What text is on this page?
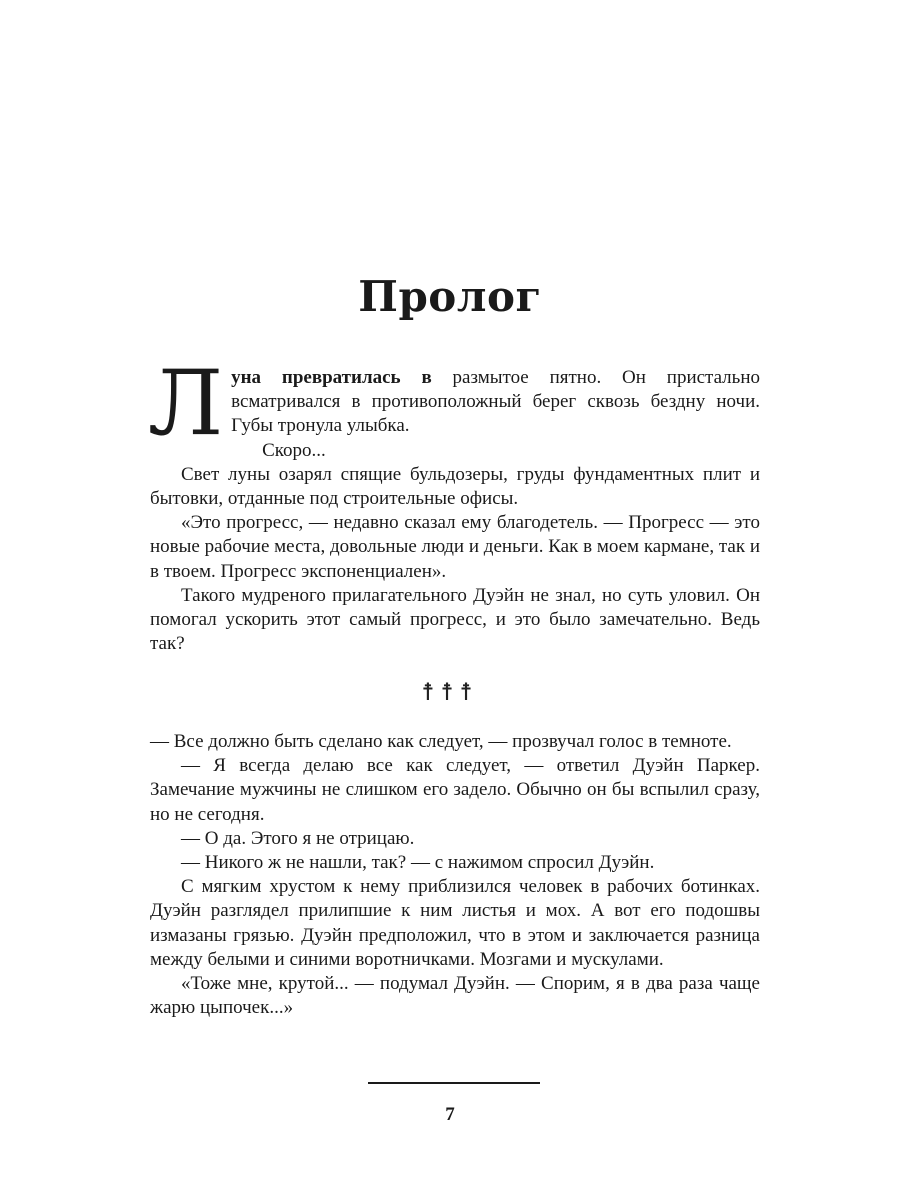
Пролог

Луна превратилась в размытое пятно. Он пристально всматривался в противоположный берег сквозь бездну ночи. Губы тронула улыбка.

Скоро...

Свет луны озарял спящие бульдозеры, груды фундаментных плит и бытовки, отданные под строительные офисы.

«Это прогресс, — недавно сказал ему благодетель. — Прогресс — это новые рабочие места, довольные люди и деньги. Как в моем кармане, так и в твоем. Прогресс экспоненциален».

Такого мудреного прилагательного Дуэйн не знал, но суть уловил. Он помогал ускорить этот самый прогресс, и это было замечательно. Ведь так?

☨☨☨

— Все должно быть сделано как следует, — прозвучал голос в темноте.

— Я всегда делаю все как следует, — ответил Дуэйн Паркер. Замечание мужчины не слишком его задело. Обычно он бы вспылил сразу, но не сегодня.

— О да. Этого я не отрицаю.

— Никого ж не нашли, так? — с нажимом спросил Дуэйн.

С мягким хрустом к нему приблизился человек в рабочих ботинках. Дуэйн разглядел прилипшие к ним листья и мох. А вот его подошвы измазаны грязью. Дуэйн предположил, что в этом и заключается разница между белыми и синими воротничками. Мозгами и мускулами.

«Тоже мне, крутой... — подумал Дуэйн. — Спорим, я в два раза чаще жарю цыпочек...»

7
